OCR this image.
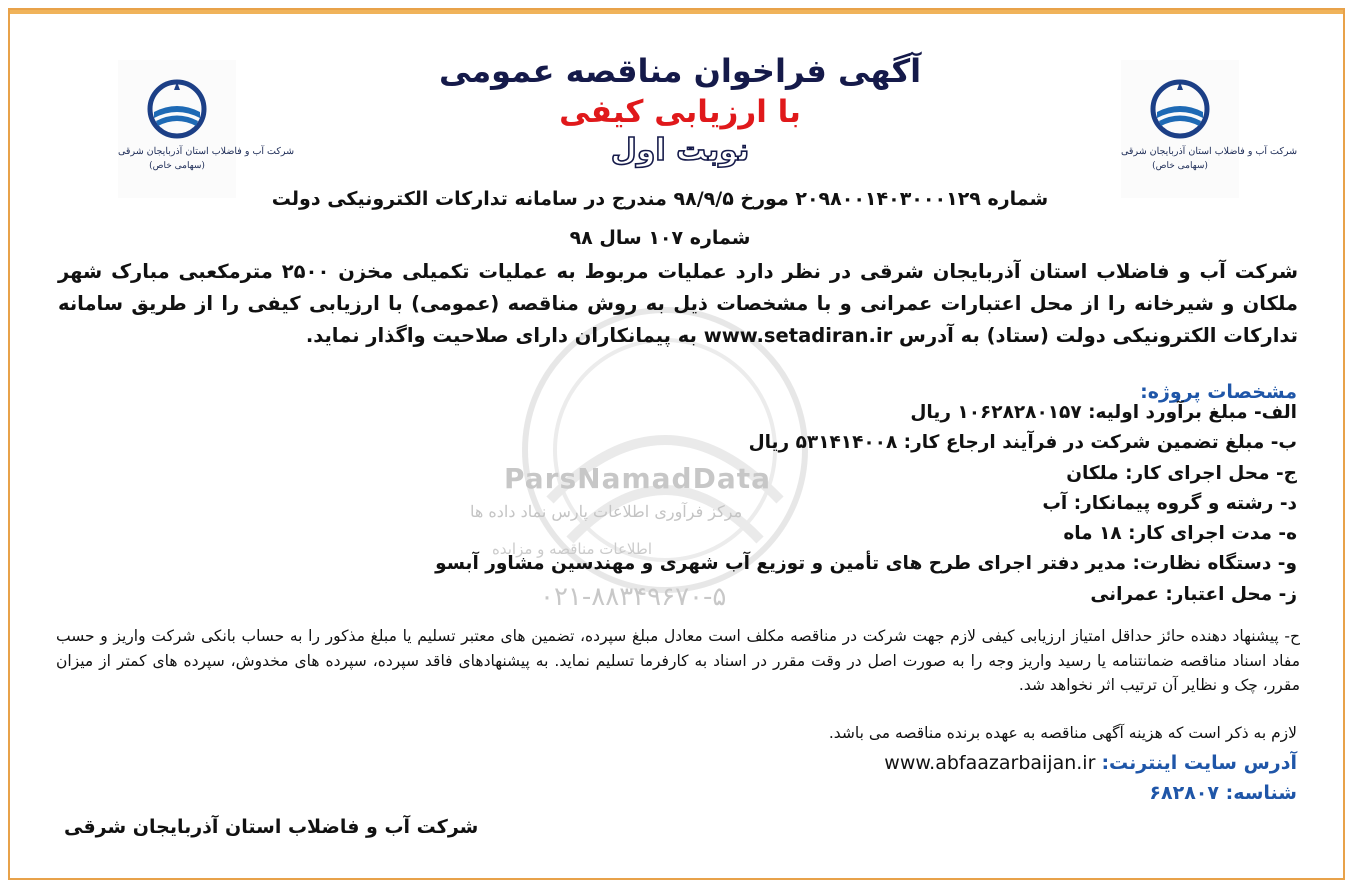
ParsNamadData
مرکز فرآوری اطلاعات پارس نماد داده ها
اطلاعات مناقصه و مزایده
۰۲۱-۸۸۳۴۹۶۷۰-۵
شرکت آب و فاضلاب استان آذربایجان شرقی
(سهامی خاص)
شرکت آب و فاضلاب استان آذربایجان شرقی
(سهامی خاص)
آگهی فراخوان مناقصه عمومی
با ارزیابی کیفی
نوبت اول
شماره ۲۰۹۸۰۰۱۴۰۳۰۰۰۱۲۹ مورخ ۹۸/۹/۵ مندرج در سامانه تدارکات الکترونیکی دولت
شماره ۱۰۷ سال ۹۸
شرکت آب و فاضلاب استان آذربایجان شرقی در نظر دارد عملیات مربوط به عملیات تکمیلی مخزن ۲۵۰۰ مترمکعبی مبارک شهر ملکان و شیرخانه را از محل اعتبارات عمرانی و با مشخصات ذیل به روش مناقصه (عمومی) با ارزیابی کیفی را از طریق سامانه تدارکات الکترونیکی دولت (ستاد) به آدرس www.setadiran.ir به پیمانکاران دارای صلاحیت واگذار نماید.
مشخصات پروژه:
الف- مبلغ برآورد اولیه: ۱۰۶۲۸۲۸۰۱۵۷ ریال
ب- مبلغ تضمین شرکت در فرآیند ارجاع کار: ۵۳۱۴۱۴۰۰۸ ریال
ج- محل اجرای کار: ملکان
د- رشته و گروه پیمانکار: آب
ه- مدت اجرای کار: ۱۸ ماه
و- دستگاه نظارت: مدیر دفتر اجرای طرح های تأمین و توزیع آب شهری و مهندسین مشاور آبسو
ز- محل اعتبار: عمرانی
ح- پیشنهاد دهنده حائز حداقل امتیاز ارزیابی کیفی لازم جهت شرکت در مناقصه مکلف است معادل مبلغ سپرده، تضمین های معتبر تسلیم یا مبلغ مذکور را به حساب بانکی شرکت واریز و حسب مفاد اسناد مناقصه ضمانتنامه یا رسید واریز وجه را به صورت اصل در وقت مقرر در اسناد به کارفرما تسلیم نماید. به پیشنهادهای فاقد سپرده، سپرده های مخدوش، سپرده های کمتر از میزان مقرر، چک و نظایر آن ترتیب اثر نخواهد شد.
لازم به ذکر است که هزینه آگهی مناقصه به عهده برنده مناقصه می باشد.
آدرس سایت اینترنت: www.abfaazarbaijan.ir
شناسه: ۶۸۲۸۰۷
شرکت آب و فاضلاب استان آذربایجان شرقی
